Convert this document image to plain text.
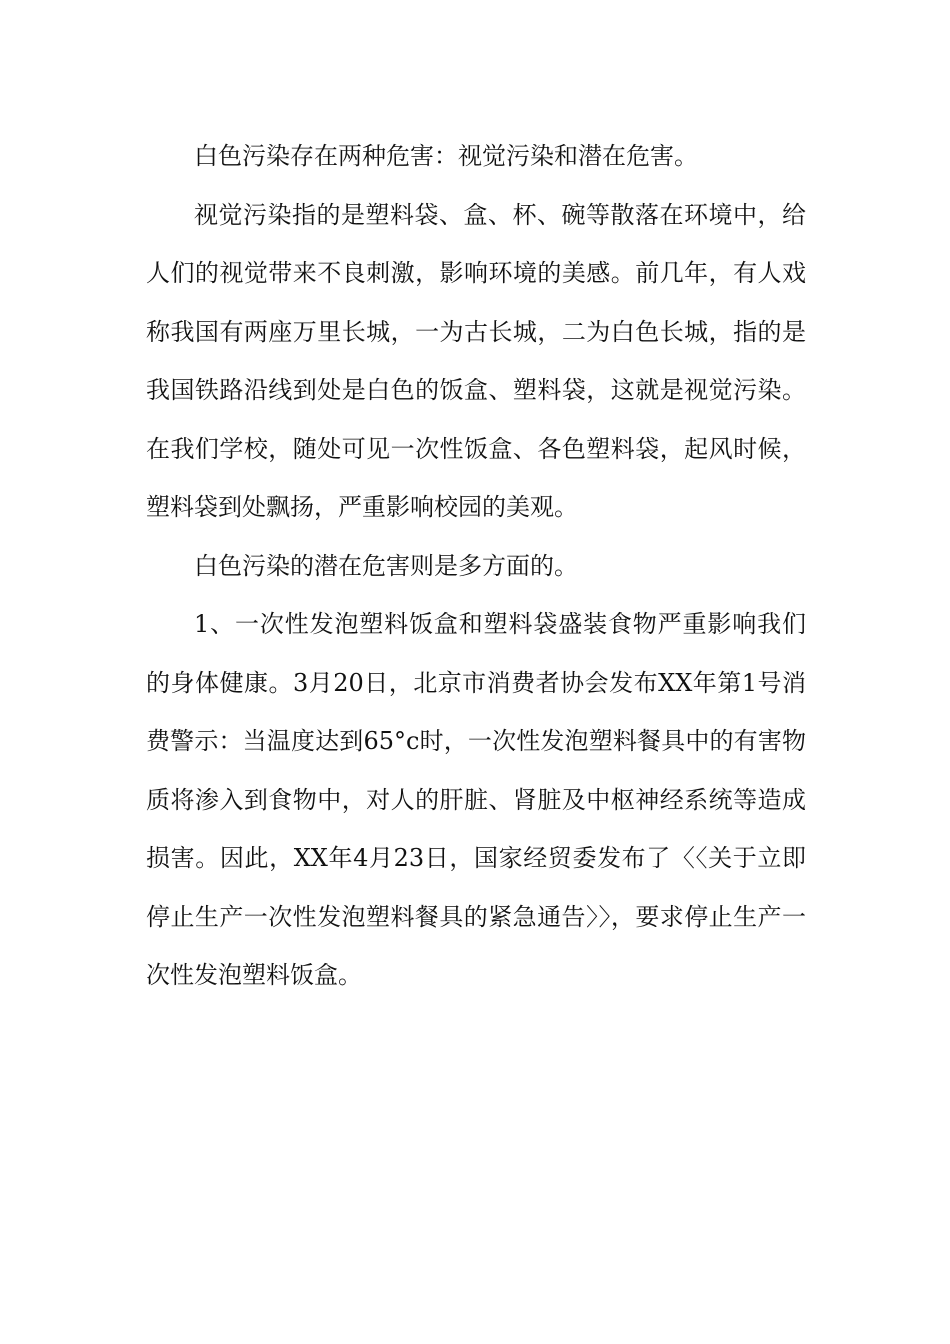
白色污染存在两种危害：视觉污染和潜在危害。

视觉污染指的是塑料袋、盒、杯、碗等散落在环境中，给人们的视觉带来不良刺激，影响环境的美感。前几年，有人戏称我国有两座万里长城，一为古长城，二为白色长城，指的是我国铁路沿线到处是白色的饭盒、塑料袋，这就是视觉污染。在我们学校，随处可见一次性饭盒、各色塑料袋，起风时候，塑料袋到处飘扬，严重影响校园的美观。

白色污染的潜在危害则是多方面的。

1、一次性发泡塑料饭盒和塑料袋盛装食物严重影响我们的身体健康。3月20日，北京市消费者协会发布XX年第1号消费警示：当温度达到65°c时，一次性发泡塑料餐具中的有害物质将渗入到食物中，对人的肝脏、肾脏及中枢神经系统等造成损害。因此，XX年4月23日，国家经贸委发布了〈〈关于立即停止生产一次性发泡塑料餐具的紧急通告〉〉，要求停止生产一次性发泡塑料饭盒。
